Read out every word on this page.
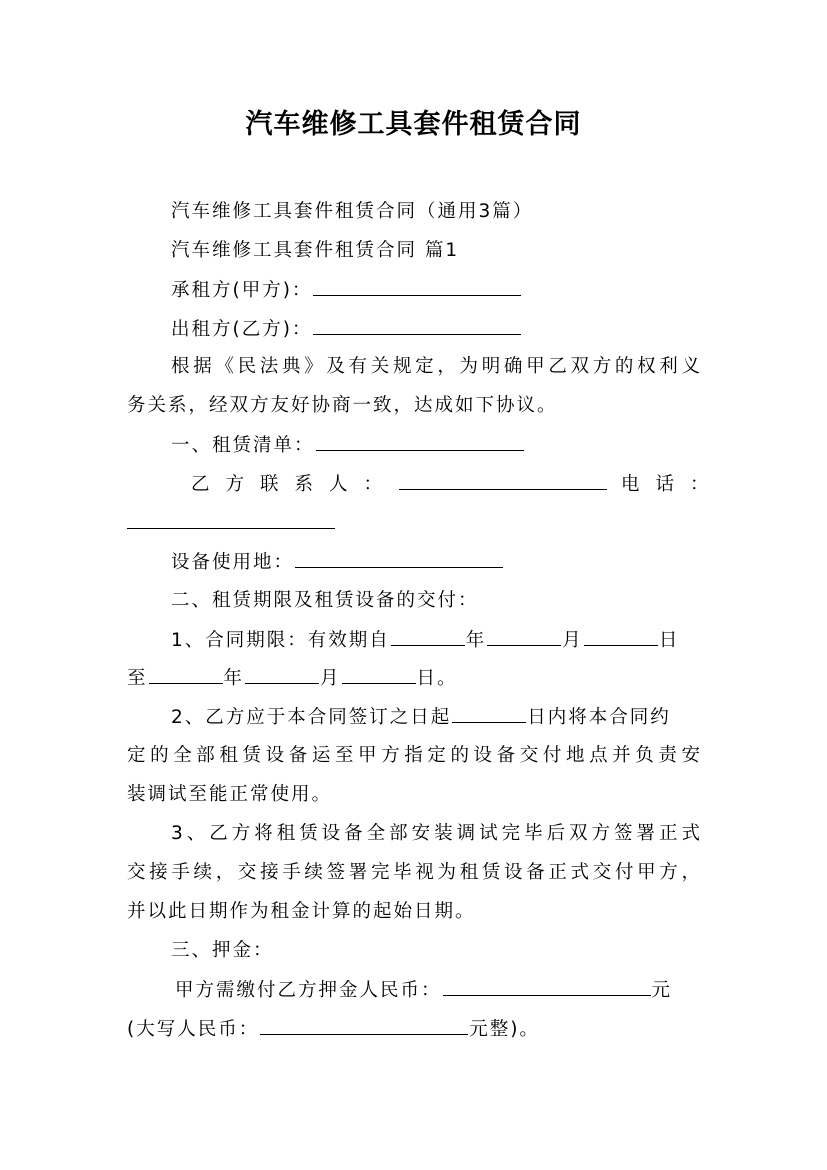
汽车维修工具套件租赁合同
汽车维修工具套件租赁合同（通用3篇）
汽车维修工具套件租赁合同 篇1
承租方(甲方)：
出租方(乙方)：
根据《民法典》及有关规定，为明确甲乙双方的权利义
务关系，经双方友好协商一致，达成如下协议。
一、租赁清单：
乙方联系人：	电话：
设备使用地：
二、租赁期限及租赁设备的交付：
1、合同期限：有效期自	年	月	日
至	年	月	日。
2、乙方应于本合同签订之日起	日内将本合同约
定的全部租赁设备运至甲方指定的设备交付地点并负责安
装调试至能正常使用。
3、乙方将租赁设备全部安装调试完毕后双方签署正式
交接手续，交接手续签署完毕视为租赁设备正式交付甲方，
并以此日期作为租金计算的起始日期。
三、押金：
甲方需缴付乙方押金人民币：	元
(大写人民币：	元整)。
